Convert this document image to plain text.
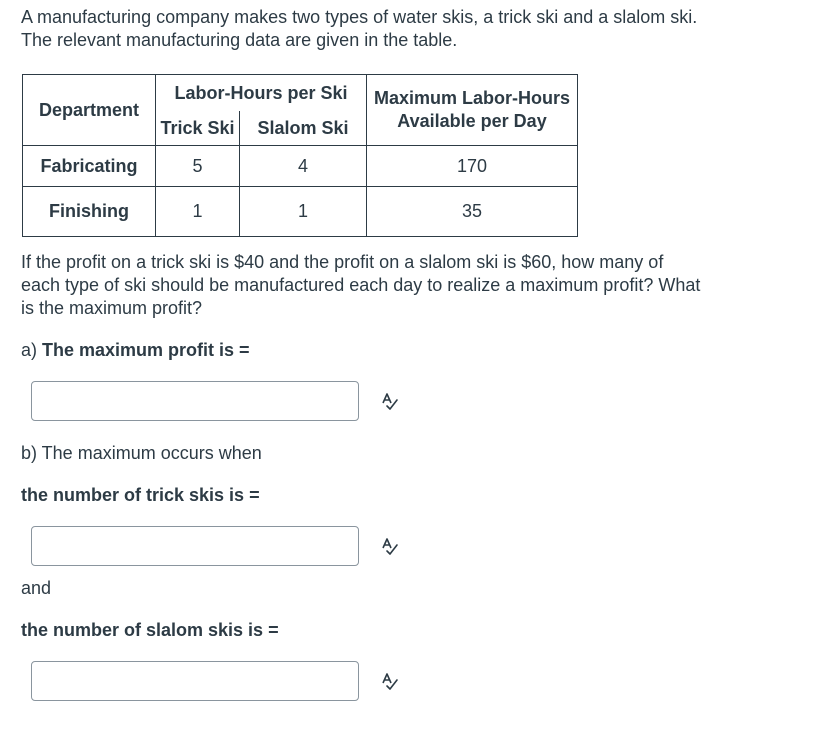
A manufacturing company makes two types of water skis, a trick ski and a slalom ski.
The relevant manufacturing data are given in the table.

Department	Labor-Hours per Ski		Maximum Labor-Hours
Available per Day
	Trick Ski	Slalom Ski	
Fabricating	5	4	170
Finishing	1	1	35

If the profit on a trick ski is $40 and the profit on a slalom ski is $60, how many of
each type of ski should be manufactured each day to realize a maximum profit? What
is the maximum profit?

a) The maximum profit is =

b) The maximum occurs when

the number of trick skis is =

and

the number of slalom skis is =
